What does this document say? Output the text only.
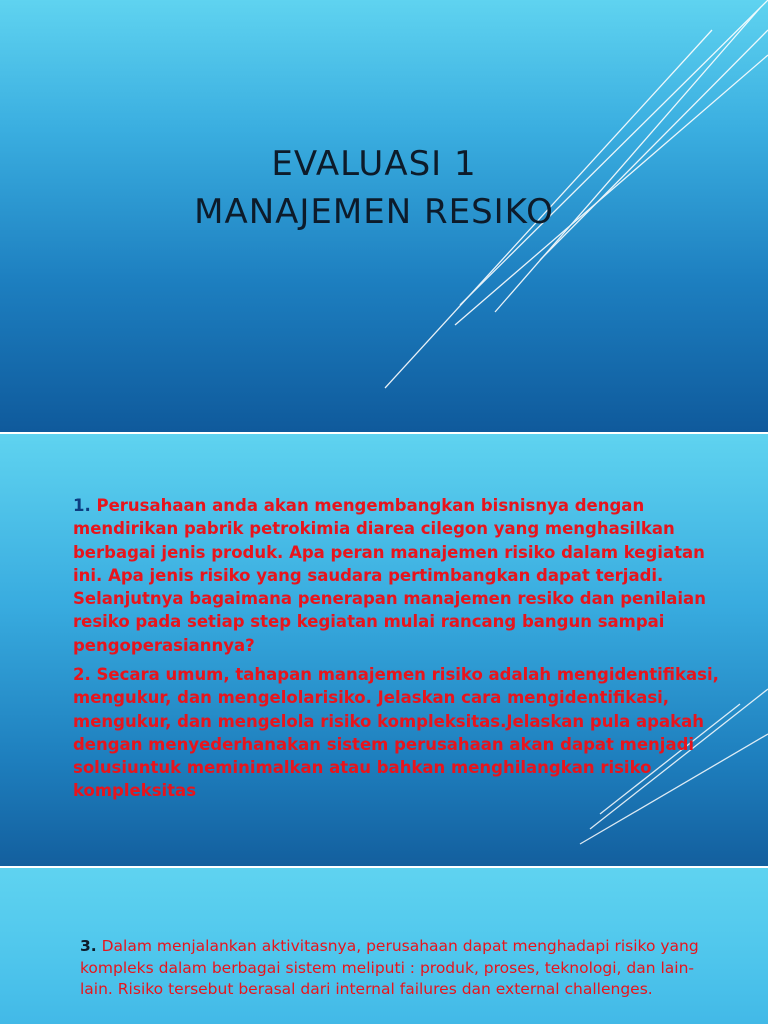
EVALUASI 1
MANAJEMEN RESIKO
1. Perusahaan anda akan mengembangkan bisnisnya dengan mendirikan pabrik petrokimia diarea cilegon yang menghasilkan berbagai jenis produk. Apa peran manajemen risiko dalam kegiatan ini. Apa jenis risiko yang saudara pertimbangkan dapat terjadi. Selanjutnya bagaimana penerapan manajemen resiko dan penilaian resiko pada setiap step kegiatan mulai rancang bangun sampai pengoperasiannya?
2. Secara umum, tahapan manajemen risiko adalah mengidentifikasi, mengukur, dan mengelolarisiko. Jelaskan cara mengidentifikasi, mengukur, dan mengelola risiko kompleksitas.Jelaskan pula apakah dengan menyederhanakan sistem perusahaan akan dapat menjadi solusiuntuk meminimalkan atau bahkan menghilangkan risiko kompleksitas
3. Dalam menjalankan aktivitasnya, perusahaan dapat menghadapi risiko yang kompleks dalam berbagai sistem meliputi : produk, proses, teknologi, dan lain-lain. Risiko tersebut berasal dari internal failures dan external challenges.
